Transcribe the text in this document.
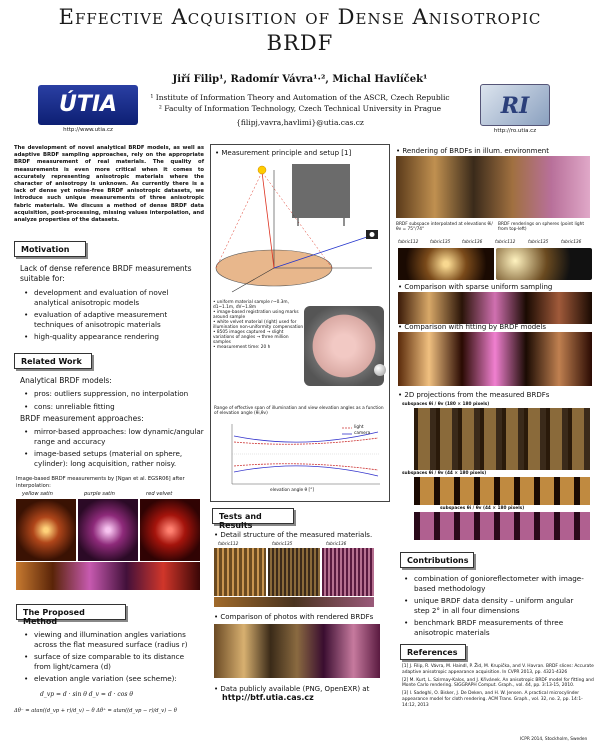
Effective Acquisition of Dense Anisotropic
BRDF
Jiří Filip¹, Radomír Vávra¹·², Michal Havlíček¹
¹ Institute of Information Theory and Automation of the ASCR, Czech Republic
² Faculty of Information Technology, Czech Technical University in Prague
{filipj,vavra,havlimi}@utia.cas.cz
ÚTIA
http://www.utia.cz
RI
http://ro.utia.cz
The development of novel analytical BRDF models, as well as adaptive BRDF sampling approaches, rely on the appropriate BRDF measurement of real materials. The quality of measurements is even more critical when it comes to accurately representing anisotropic materials where the character of anisotropy is unknown. As currently there is a lack of dense yet noise-free BRDF anisotropic datasets, we introduce such unique measurements of three anisotropic fabric materials. We discuss a method of dense BRDF data acquisition, post-processing, missing values interpolation, and analyze properties of the datasets.
Motivation
Lack of dense reference BRDF measurements suitable for:
• development and evaluation of novel analytical anisotropic models
• evaluation of adaptive measurement techniques of anisotropic materials
• high-quality appearance rendering
Related Work
Analytical BRDF models:
• pros: outliers suppression, no interpolation
• cons: unreliable fitting
BRDF measurement approaches:
• mirror-based approaches: low dynamic/angular range and accuracy
• image-based setups (material on sphere, cylinder): long acquisition, rather noisy.
Image-based BRDF measurements by [Ngan et al. EGSR06] after interpolation:
yellow satin	purple satin	red velvet
The Proposed Method
• viewing and illumination angles variations across the flat measured surface (radius r)
• surface of size comparable to its distance from light/camera (d)
• elevation angle variation (see scheme):
d_vp = d · sin θ d_v = d · cos θ
Δθ⁻ = atan((d_vp + r)/d_v) − θ Δθ⁺ = atan((d_vp − r)/d_v) − θ
• Measurement principle and setup [1]
• uniform material sample r~0.3m, d1~1.1m, dV~1.8m
• image-based registration using marks around sample
• white velvet material (right) used for illumination non-uniformity compensation
• 8505 images captured → slight variations of angles → three million samples
• measurement time: 20 h
Range of effective span of illumination and view elevation angles as a function of elevation angle (θi,θv)
light
camera
elevation angle θ [°]
Tests and Results
• Detail structure of the measured materials.
fabric112	fabric135	fabric136
• Comparison of photos with rendered BRDFs
• Data publicly available (PNG, OpenEXR) at
http://btf.utia.cas.cz
• Rendering of BRDFs in illum. environment
BRDF subspace interpolated at elevations θi/θv = 75°/74°
BRDF renderings on spheres (point light from top-left)
fabric112	fabric135	fabric136	fabric112	fabric135	fabric136
• Comparison with sparse uniform sampling
• Comparison with fitting by BRDF models
• 2D projections from the measured BRDFs
subspaces θi / θv (180 × 180 pixels)
subspaces θi / θv (44 × 180 pixels)
subspaces θi / θv (44 × 180 pixels)
Contributions
• combination of gonioreflectometer with image-based methodology
• unique BRDF data density – uniform angular step 2° in all four dimensions
• benchmark BRDF measurements of three anisotropic materials
References
[1] J. Filip, R. Vávra, M. Haindl, P. Žid, M. Krupička, and V. Havran. BRDF slices: Accurate adaptive anisotropic appearance acquisition. In CVPR 2013, pp. 4321-4326
[2] M. Kurt, L. Szirmay-Kalos, and J. Křivánek. An anisotropic BRDF model for fitting and Monte Carlo rendering. SIGGRAPH Comput. Graph., vol. 44, pp. 3:13-15, 2010.
[3] I. Sadeghi, O. Bisker, J. De Deken, and H. W. Jensen. A practical microcylinder appearance model for cloth rendering. ACM Trans. Graph., vol. 32, no. 2, pp. 14:1-14:12, 2013
ICPR 2014, Stockholm, Sweden
